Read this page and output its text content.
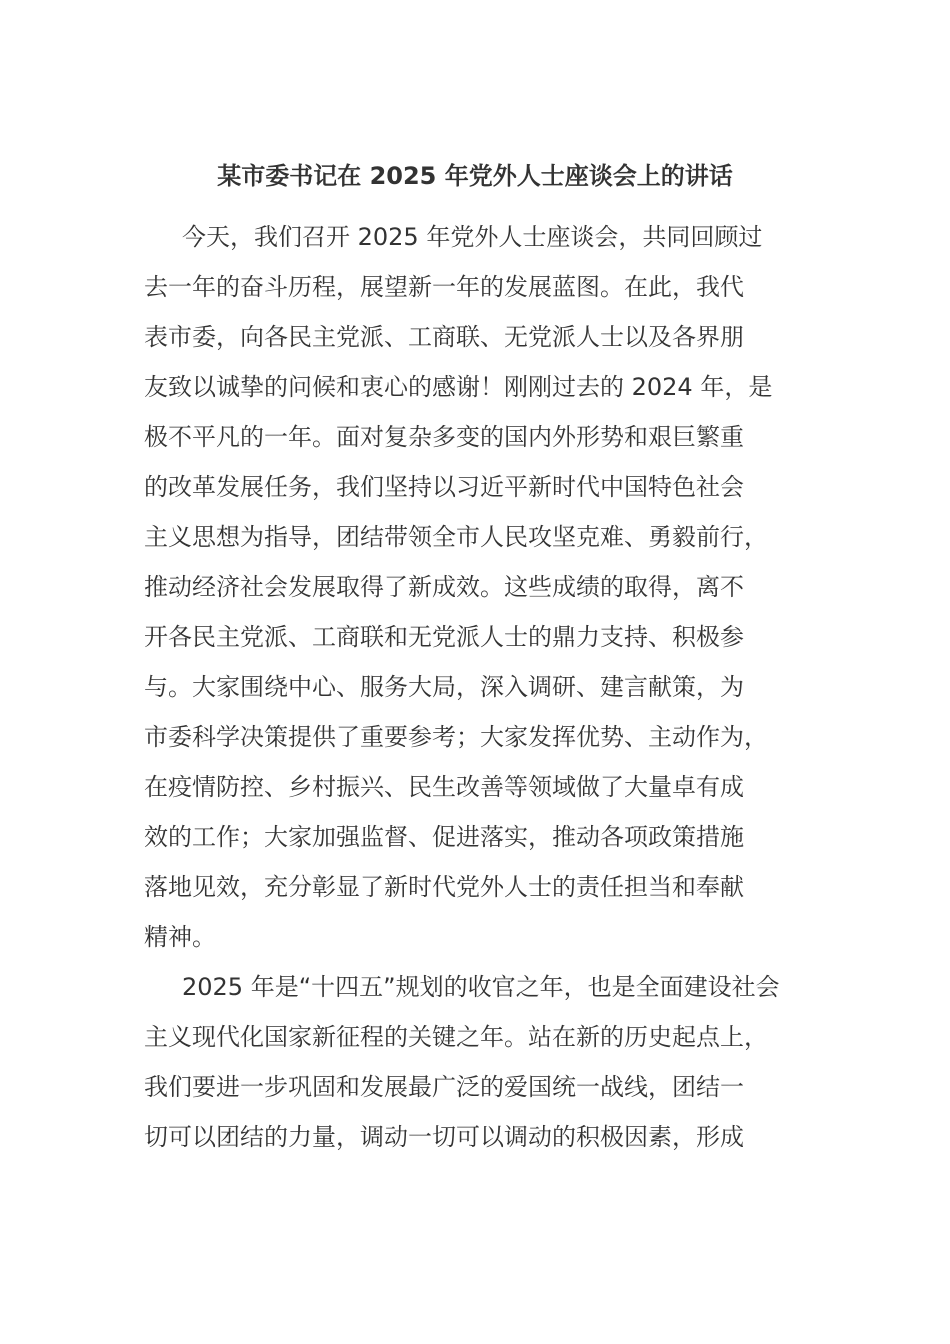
某市委书记在 2025 年党外人士座谈会上的讲话
今天，我们召开 2025 年党外人士座谈会，共同回顾过
去一年的奋斗历程，展望新一年的发展蓝图。在此，我代
表市委，向各民主党派、工商联、无党派人士以及各界朋
友致以诚挚的问候和衷心的感谢！刚刚过去的 2024 年，是
极不平凡的一年。面对复杂多变的国内外形势和艰巨繁重
的改革发展任务，我们坚持以习近平新时代中国特色社会
主义思想为指导，团结带领全市人民攻坚克难、勇毅前行，
推动经济社会发展取得了新成效。这些成绩的取得，离不
开各民主党派、工商联和无党派人士的鼎力支持、积极参
与。大家围绕中心、服务大局，深入调研、建言献策，为
市委科学决策提供了重要参考；大家发挥优势、主动作为，
在疫情防控、乡村振兴、民生改善等领域做了大量卓有成
效的工作；大家加强监督、促进落实，推动各项政策措施
落地见效，充分彰显了新时代党外人士的责任担当和奉献
精神。
2025 年是“十四五”规划的收官之年，也是全面建设社会
主义现代化国家新征程的关键之年。站在新的历史起点上，
我们要进一步巩固和发展最广泛的爱国统一战线，团结一
切可以团结的力量，调动一切可以调动的积极因素，形成
